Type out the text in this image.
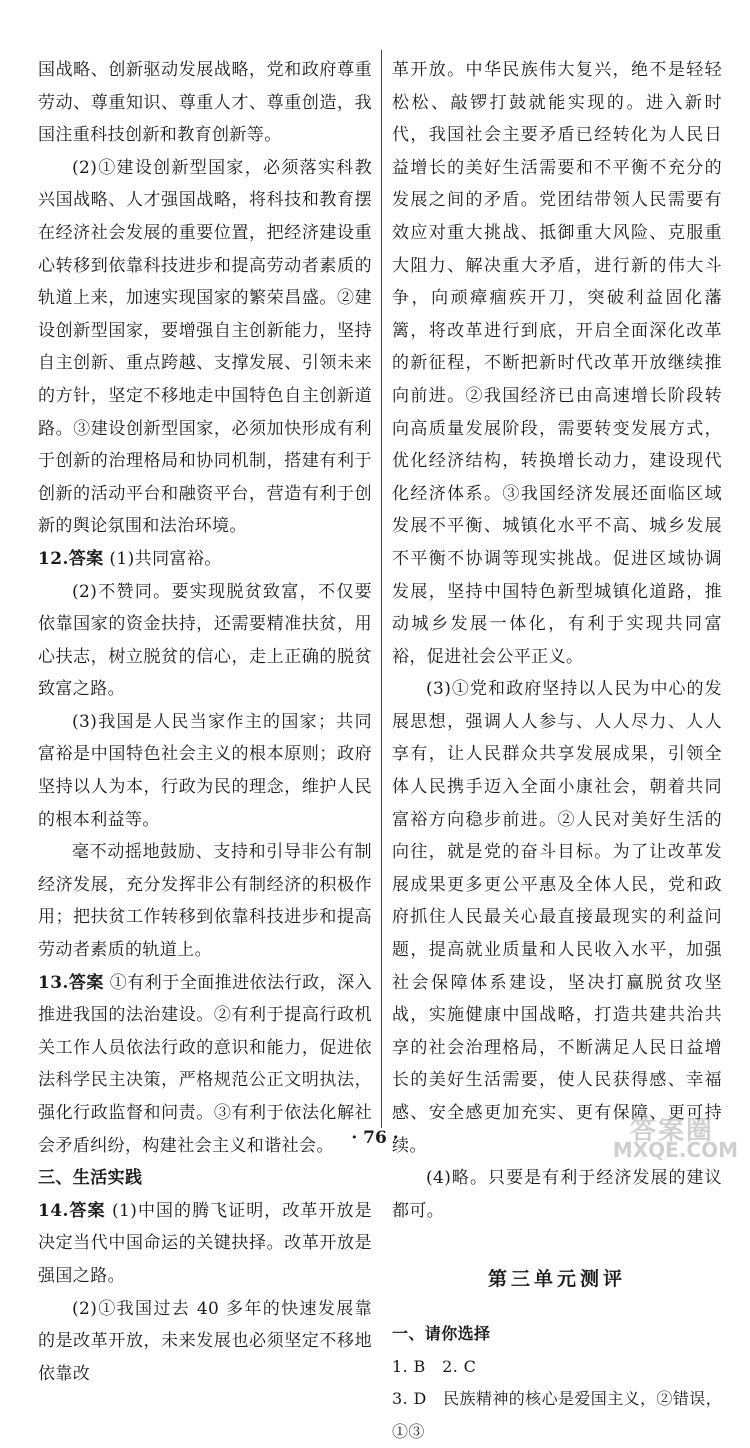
国战略、创新驱动发展战略，党和政府尊重劳动、尊重知识、尊重人才、尊重创造，我国注重科技创新和教育创新等。

(2)①建设创新型国家，必须落实科教兴国战略、人才强国战略，将科技和教育摆在经济社会发展的重要位置，把经济建设重心转移到依靠科技进步和提高劳动者素质的轨道上来，加速实现国家的繁荣昌盛。②建设创新型国家，要增强自主创新能力，坚持自主创新、重点跨越、支撑发展、引领未来的方针，坚定不移地走中国特色自主创新道路。③建设创新型国家，必须加快形成有利于创新的治理格局和协同机制，搭建有利于创新的活动平台和融资平台，营造有利于创新的舆论氛围和法治环境。

12.答案 (1)共同富裕。

(2)不赞同。要实现脱贫致富，不仅要依靠国家的资金扶持，还需要精准扶贫，用心扶志，树立脱贫的信心，走上正确的脱贫致富之路。

(3)我国是人民当家作主的国家；共同富裕是中国特色社会主义的根本原则；政府坚持以人为本，行政为民的理念，维护人民的根本利益等。

毫不动摇地鼓励、支持和引导非公有制经济发展，充分发挥非公有制经济的积极作用；把扶贫工作转移到依靠科技进步和提高劳动者素质的轨道上。

13.答案 ①有利于全面推进依法行政，深入推进我国的法治建设。②有利于提高行政机关工作人员依法行政的意识和能力，促进依法科学民主决策，严格规范公正文明执法，强化行政监督和问责。③有利于依法化解社会矛盾纠纷，构建社会主义和谐社会。

三、生活实践

14.答案 (1)中国的腾飞证明，改革开放是决定当代中国命运的关键抉择。改革开放是强国之路。

(2)①我国过去 40 多年的快速发展靠的是改革开放，未来发展也必须坚定不移地依靠改

革开放。中华民族伟大复兴，绝不是轻轻松松、敲锣打鼓就能实现的。进入新时代，我国社会主要矛盾已经转化为人民日益增长的美好生活需要和不平衡不充分的发展之间的矛盾。党团结带领人民需要有效应对重大挑战、抵御重大风险、克服重大阻力、解决重大矛盾，进行新的伟大斗争，向顽瘴痼疾开刀，突破利益固化藩篱，将改革进行到底，开启全面深化改革的新征程，不断把新时代改革开放继续推向前进。②我国经济已由高速增长阶段转向高质量发展阶段，需要转变发展方式，优化经济结构，转换增长动力，建设现代化经济体系。③我国经济发展还面临区域发展不平衡、城镇化水平不高、城乡发展不平衡不协调等现实挑战。促进区域协调发展，坚持中国特色新型城镇化道路，推动城乡发展一体化，有利于实现共同富裕，促进社会公平正义。

(3)①党和政府坚持以人民为中心的发展思想，强调人人参与、人人尽力、人人享有，让人民群众共享发展成果，引领全体人民携手迈入全面小康社会，朝着共同富裕方向稳步前进。②人民对美好生活的向往，就是党的奋斗目标。为了让改革发展成果更多更公平惠及全体人民，党和政府抓住人民最关心最直接最现实的利益问题，提高就业质量和人民收入水平，加强社会保障体系建设，坚决打赢脱贫攻坚战，实施健康中国战略，打造共建共治共享的社会治理格局，不断满足人民日益增长的美好生活需要，使人民获得感、幸福感、安全感更加充实、更有保障、更可持续。

(4)略。只要是有利于经济发展的建议都可。

第三单元测评

一、请你选择

1. B　2. C

3. D　民族精神的核心是爱国主义，②错误，①③

· 76 ·	答案圈
MXQE.COM
